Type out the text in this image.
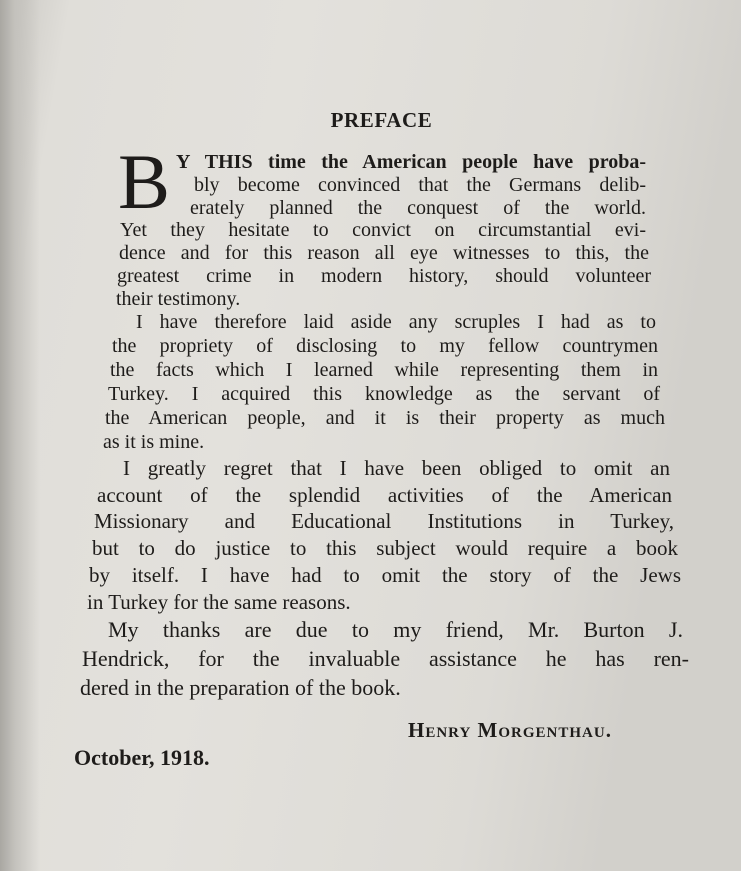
PREFACE
B Y THIS time the American people have proba-
bly become convinced that the Germans delib-
erately planned the conquest of the world.
Yet they hesitate to convict on circumstantial evi-
dence and for this reason all eye witnesses to this, the
greatest crime in modern history, should volunteer
their testimony.
I have therefore laid aside any scruples I had as to
the propriety of disclosing to my fellow countrymen
the facts which I learned while representing them in
Turkey. I acquired this knowledge as the servant of
the American people, and it is their property as much
as it is mine.
I greatly regret that I have been obliged to omit an
account of the splendid activities of the American
Missionary and Educational Institutions in Turkey,
but to do justice to this subject would require a book
by itself. I have had to omit the story of the Jews
in Turkey for the same reasons.
My thanks are due to my friend, Mr. Burton J.
Hendrick, for the invaluable assistance he has ren-
dered in the preparation of the book.
Henry Morgenthau.
October, 1918.
